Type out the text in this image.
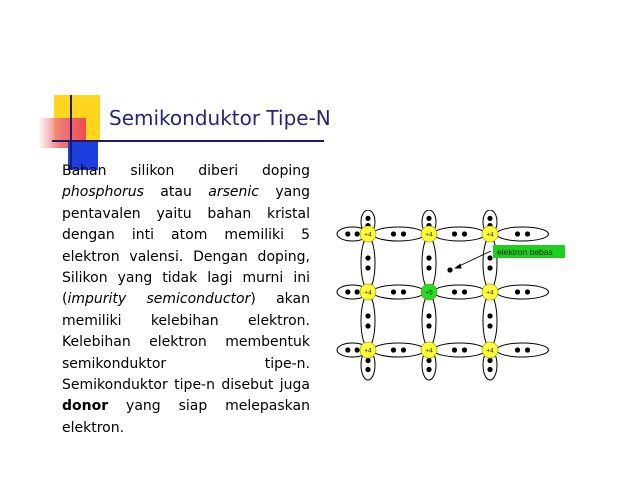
Semikonduktor Tipe-N
Bahan silikon diberi doping phosphorus atau arsenic yang pentavalen yaitu bahan kristal dengan inti atom memiliki 5 elektron valensi. Dengan doping, Silikon yang tidak lagi murni ini (impurity semiconductor) akan memiliki kelebihan elektron. Kelebihan elektron membentuk semikonduktor tipe-n. Semikonduktor tipe-n disebut juga donor yang siap melepaskan elektron.
+4	+4	+4
+4	+5	+4
+4	+4	+4
elektron bebas
